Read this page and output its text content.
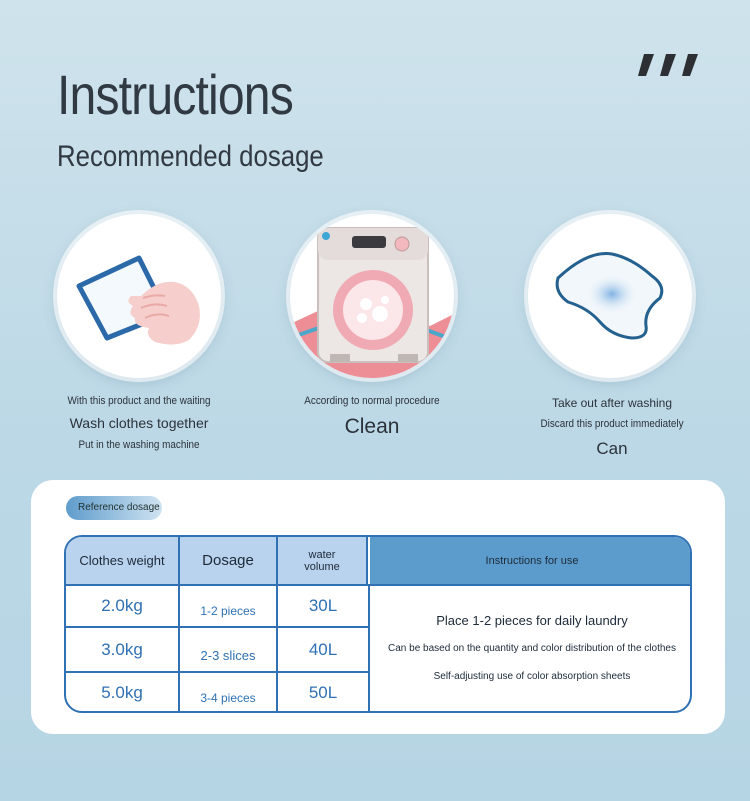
Instructions
Recommended dosage
With this product and the waiting
Wash clothes together
Put in the washing machine
According to normal procedure
Clean
Take out after washing
Discard this product immediately
Can
Reference dosage
Clothes weight	Dosage	water volume	Instructions for use
2.0kg	1-2 pieces	30L
3.0kg	2-3 slices	40L
5.0kg	3-4 pieces	50L
Place 1-2 pieces for daily laundry
Can be based on the quantity and color distribution of the clothes
Self-adjusting use of color absorption sheets
